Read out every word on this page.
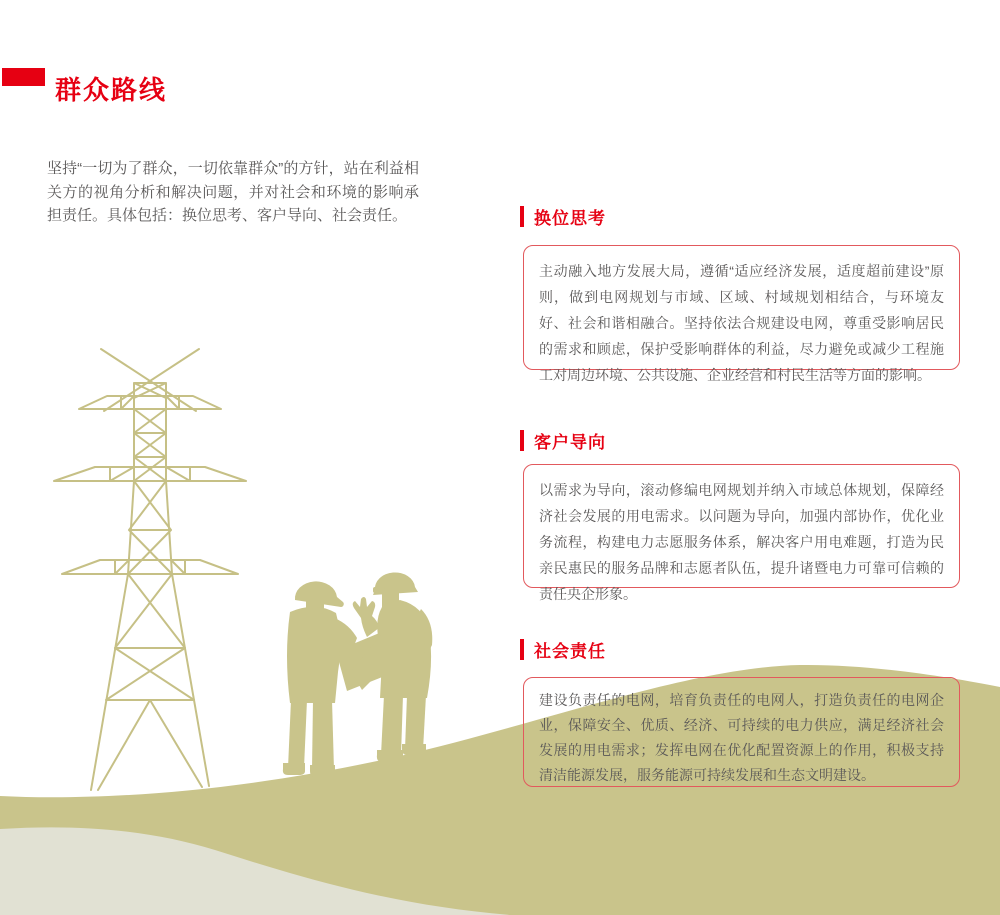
群众路线

坚持“一切为了群众，一切依靠群众”的方针，站在利益相关方的视角分析和解决问题，并对社会和环境的影响承担责任。具体包括：换位思考、客户导向、社会责任。	换位思考
主动融入地方发展大局，遵循“适应经济发展，适度超前建设”原则，做到电网规划与市域、区域、村域规划相结合，与环境友好、社会和谐相融合。坚持依法合规建设电网，尊重受影响居民的需求和顾虑，保护受影响群体的利益，尽力避免或减少工程施工对周边环境、公共设施、企业经营和村民生活等方面的影响。
客户导向
以需求为导向，滚动修编电网规划并纳入市域总体规划，保障经济社会发展的用电需求。以问题为导向，加强内部协作，优化业务流程，构建电力志愿服务体系，解决客户用电难题，打造为民亲民惠民的服务品牌和志愿者队伍，提升诸暨电力可靠可信赖的责任央企形象。
社会责任
建设负责任的电网，培育负责任的电网人，打造负责任的电网企业，保障安全、优质、经济、可持续的电力供应，满足经济社会发展的用电需求；发挥电网在优化配置资源上的作用，积极支持清洁能源发展，服务能源可持续发展和生态文明建设。
